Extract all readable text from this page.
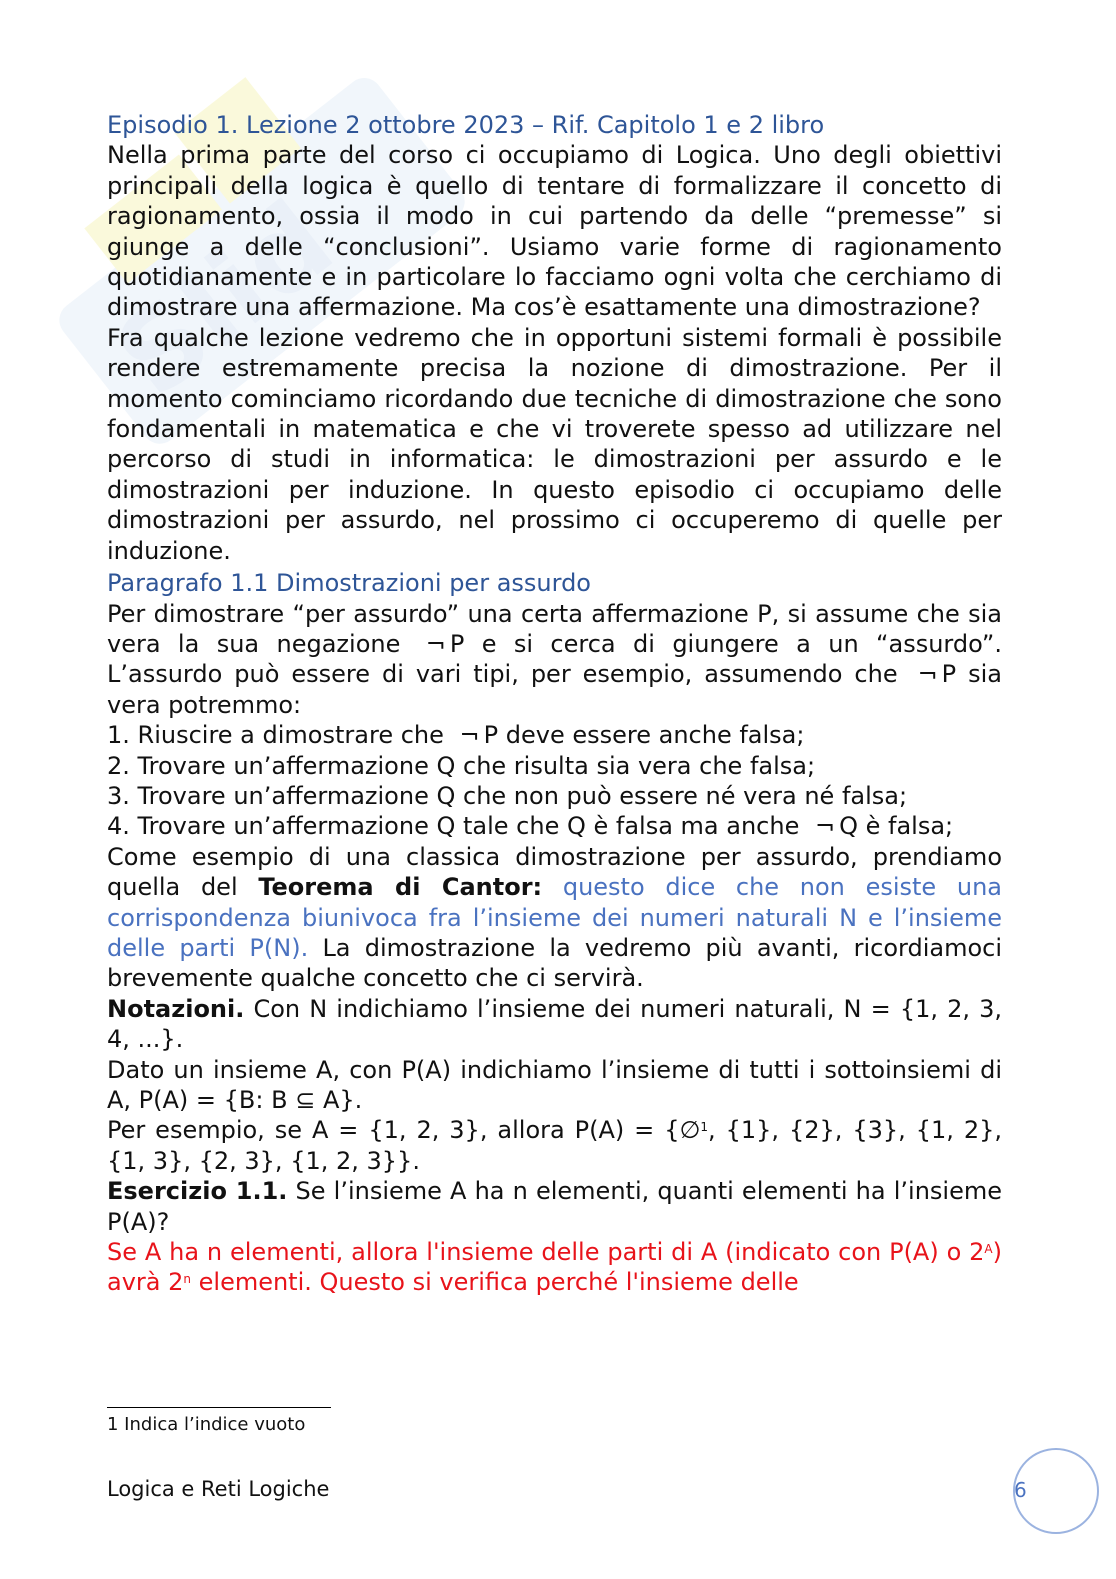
Slid
Episodio 1. Lezione 2 ottobre 2023 – Rif. Capitolo 1 e 2 libro

Nella prima parte del corso ci occupiamo di Logica. Uno degli obiettivi principali della logica è quello di tentare di formalizzare il concetto di ragionamento, ossia il modo in cui partendo da delle “premesse” si giunge a delle “conclusioni”. Usiamo varie forme di ragionamento quotidianamente e in particolare lo facciamo ogni volta che cerchiamo di dimostrare una affermazione. Ma cos’è esattamente una dimostrazione?

Fra qualche lezione vedremo che in opportuni sistemi formali è possibile rendere estremamente precisa la nozione di dimostrazione. Per il momento cominciamo ricordando due tecniche di dimostrazione che sono fondamentali in matematica e che vi troverete spesso ad utilizzare nel percorso di studi in informatica: le dimostrazioni per assurdo e le dimostrazioni per induzione. In questo episodio ci occupiamo delle dimostrazioni per assurdo, nel prossimo ci occuperemo di quelle per induzione.

Paragrafo 1.1 Dimostrazioni per assurdo

Per dimostrare “per assurdo” una certa affermazione P, si assume che sia vera la sua negazione ¬ P e si cerca di giungere a un “assurdo”. L’assurdo può essere di vari tipi, per esempio, assumendo che ¬ P sia vera potremmo:

1. Riuscire a dimostrare che ¬ P deve essere anche falsa;

2. Trovare un’affermazione Q che risulta sia vera che falsa;

3. Trovare un’affermazione Q che non può essere né vera né falsa;

4. Trovare un’affermazione Q tale che Q è falsa ma anche ¬ Q è falsa;

Come esempio di una classica dimostrazione per assurdo, prendiamo quella del Teorema di Cantor: questo dice che non esiste una corrispondenza biunivoca fra l’insieme dei numeri naturali N e l’insieme delle parti P(N). La dimostrazione la vedremo più avanti, ricordiamoci brevemente qualche concetto che ci servirà.

Notazioni. Con N indichiamo l’insieme dei numeri naturali, N = {1, 2, 3, 4, ...}.

Dato un insieme A, con P(A) indichiamo l’insieme di tutti i sottoinsiemi di A, P(A) = {B: B ⊆ A}.

Per esempio, se A = {1, 2, 3}, allora P(A) = {∅$^1$, {1}, {2}, {3}, {1, 2}, {1, 3}, {2, 3}, {1, 2, 3}}.

Esercizio 1.1. Se l’insieme A ha n elementi, quanti elementi ha l’insieme P(A)?

Se A ha n elementi, allora l'insieme delle parti di A (indicato con P(A) o $2^A$) avrà 2$^n$ elementi. Questo si verifica perché l'insieme delle

1 Indica l’indice vuoto
Logica e Reti Logiche	6
